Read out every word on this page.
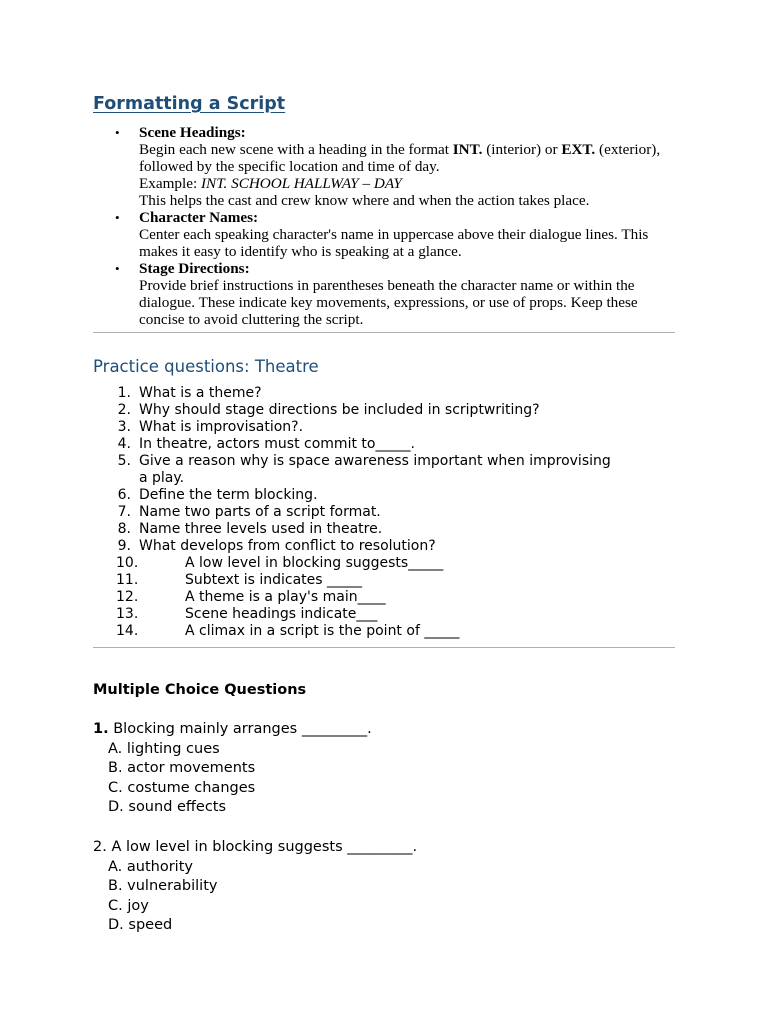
Formatting a Script
• Scene Headings:
Begin each new scene with a heading in the format INT. (interior) or EXT. (exterior),
followed by the specific location and time of day.
Example: INT. SCHOOL HALLWAY – DAY
This helps the cast and crew know where and when the action takes place.
• Character Names:
Center each speaking character's name in uppercase above their dialogue lines. This
makes it easy to identify who is speaking at a glance.
• Stage Directions:
Provide brief instructions in parentheses beneath the character name or within the
dialogue. These indicate key movements, expressions, or use of props. Keep these
concise to avoid cluttering the script.
Practice questions: Theatre
1. What is a theme?
2. Why should stage directions be included in scriptwriting?
3. What is improvisation?.
4. In theatre, actors must commit to_____.
5. Give a reason why is space awareness important when improvising
a play.
6. Define the term blocking.
7. Name two parts of a script format.
8. Name three levels used in theatre.
9. What develops from conflict to resolution?
10.	A low level in blocking suggests_____
11.	Subtext is indicates _____
12.	A theme is a play's main____
13.	Scene headings indicate___
14.	A climax in a script is the point of _____
Multiple Choice Questions
1. Blocking mainly arranges _________.
A. lighting cues
B. actor movements
C. costume changes
D. sound effects
2. A low level in blocking suggests _________.
A. authority
B. vulnerability
C. joy
D. speed
